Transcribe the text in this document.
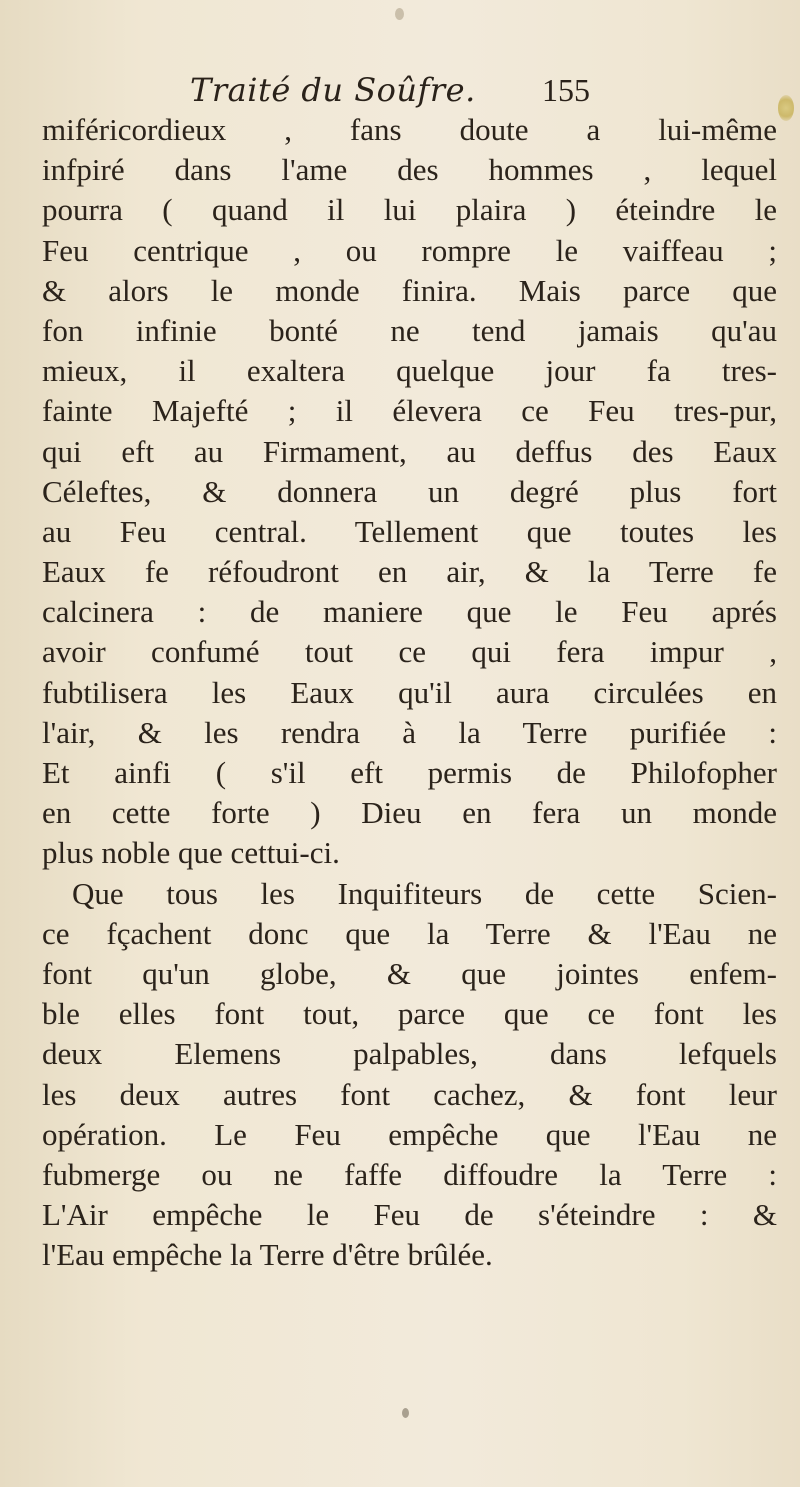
Traité du Soûfre. 155
miféricordieux , fans doute a lui-même
infpiré dans l'ame des hommes , lequel
pourra ( quand il lui plaira ) éteindre le
Feu centrique , ou rompre le vaiffeau ;
& alors le monde finira. Mais parce que
fon infinie bonté ne tend jamais qu'au
mieux, il exaltera quelque jour fa tres-
fainte Majefté ; il élevera ce Feu tres-pur,
qui eft au Firmament, au deffus des Eaux
Céleftes, & donnera un degré plus fort
au Feu central. Tellement que toutes les
Eaux fe réfoudront en air, & la Terre fe
calcinera : de maniere que le Feu aprés
avoir confumé tout ce qui fera impur ,
fubtilisera les Eaux qu'il aura circulées en
l'air, & les rendra à la Terre purifiée :
Et ainfi ( s'il eft permis de Philofopher
en cette forte ) Dieu en fera un monde
plus noble que cettui-ci.
Que tous les Inquifiteurs de cette Scien-
ce fçachent donc que la Terre & l'Eau ne
font qu'un globe, & que jointes enfem-
ble elles font tout, parce que ce font les
deux Elemens palpables, dans lefquels
les deux autres font cachez, & font leur
opération. Le Feu empêche que l'Eau ne
fubmerge ou ne faffe diffoudre la Terre :
L'Air empêche le Feu de s'éteindre : &
l'Eau empêche la Terre d'être brûlée.
